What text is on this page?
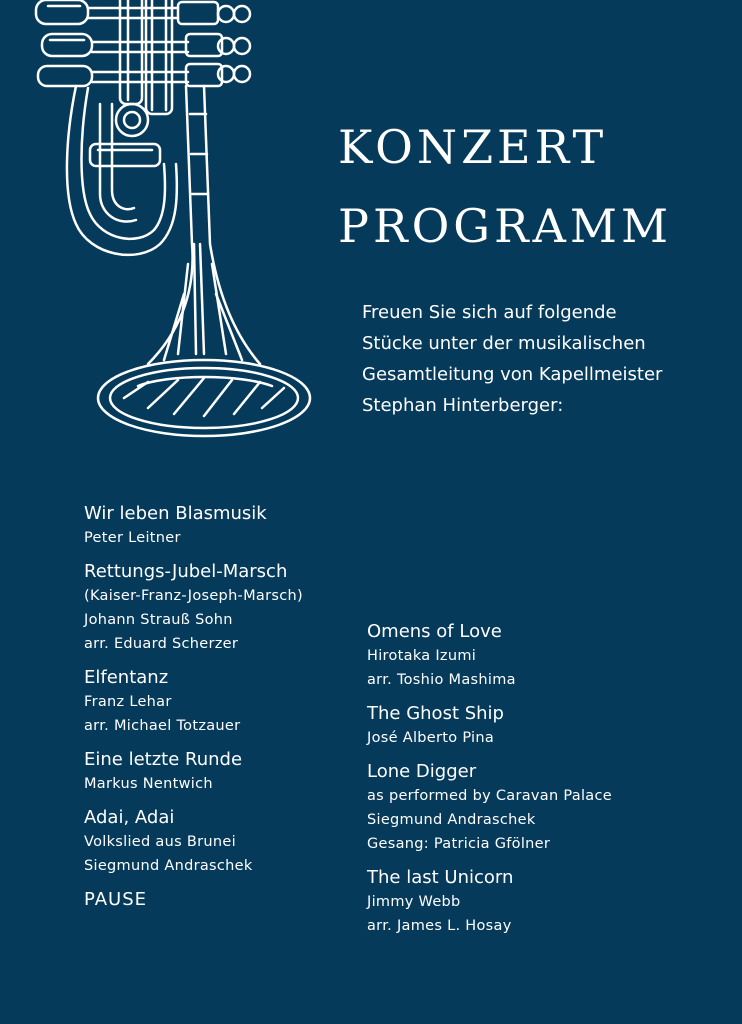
KONZERT
PROGRAMM
Freuen Sie sich auf folgende
Stücke unter der musikalischen
Gesamtleitung von Kapellmeister
Stephan Hinterberger:
Wir leben Blasmusik
Peter Leitner
Rettungs-Jubel-Marsch
(Kaiser-Franz-Joseph-Marsch)
Johann Strauß Sohn
arr. Eduard Scherzer
Elfentanz
Franz Lehar
arr. Michael Totzauer
Eine letzte Runde
Markus Nentwich
Adai, Adai
Volkslied aus Brunei
Siegmund Andraschek
PAUSE
Omens of Love
Hirotaka Izumi
arr. Toshio Mashima
The Ghost Ship
José Alberto Pina
Lone Digger
as performed by Caravan Palace
Siegmund Andraschek
Gesang: Patricia Gfölner
The last Unicorn
Jimmy Webb
arr. James L. Hosay
